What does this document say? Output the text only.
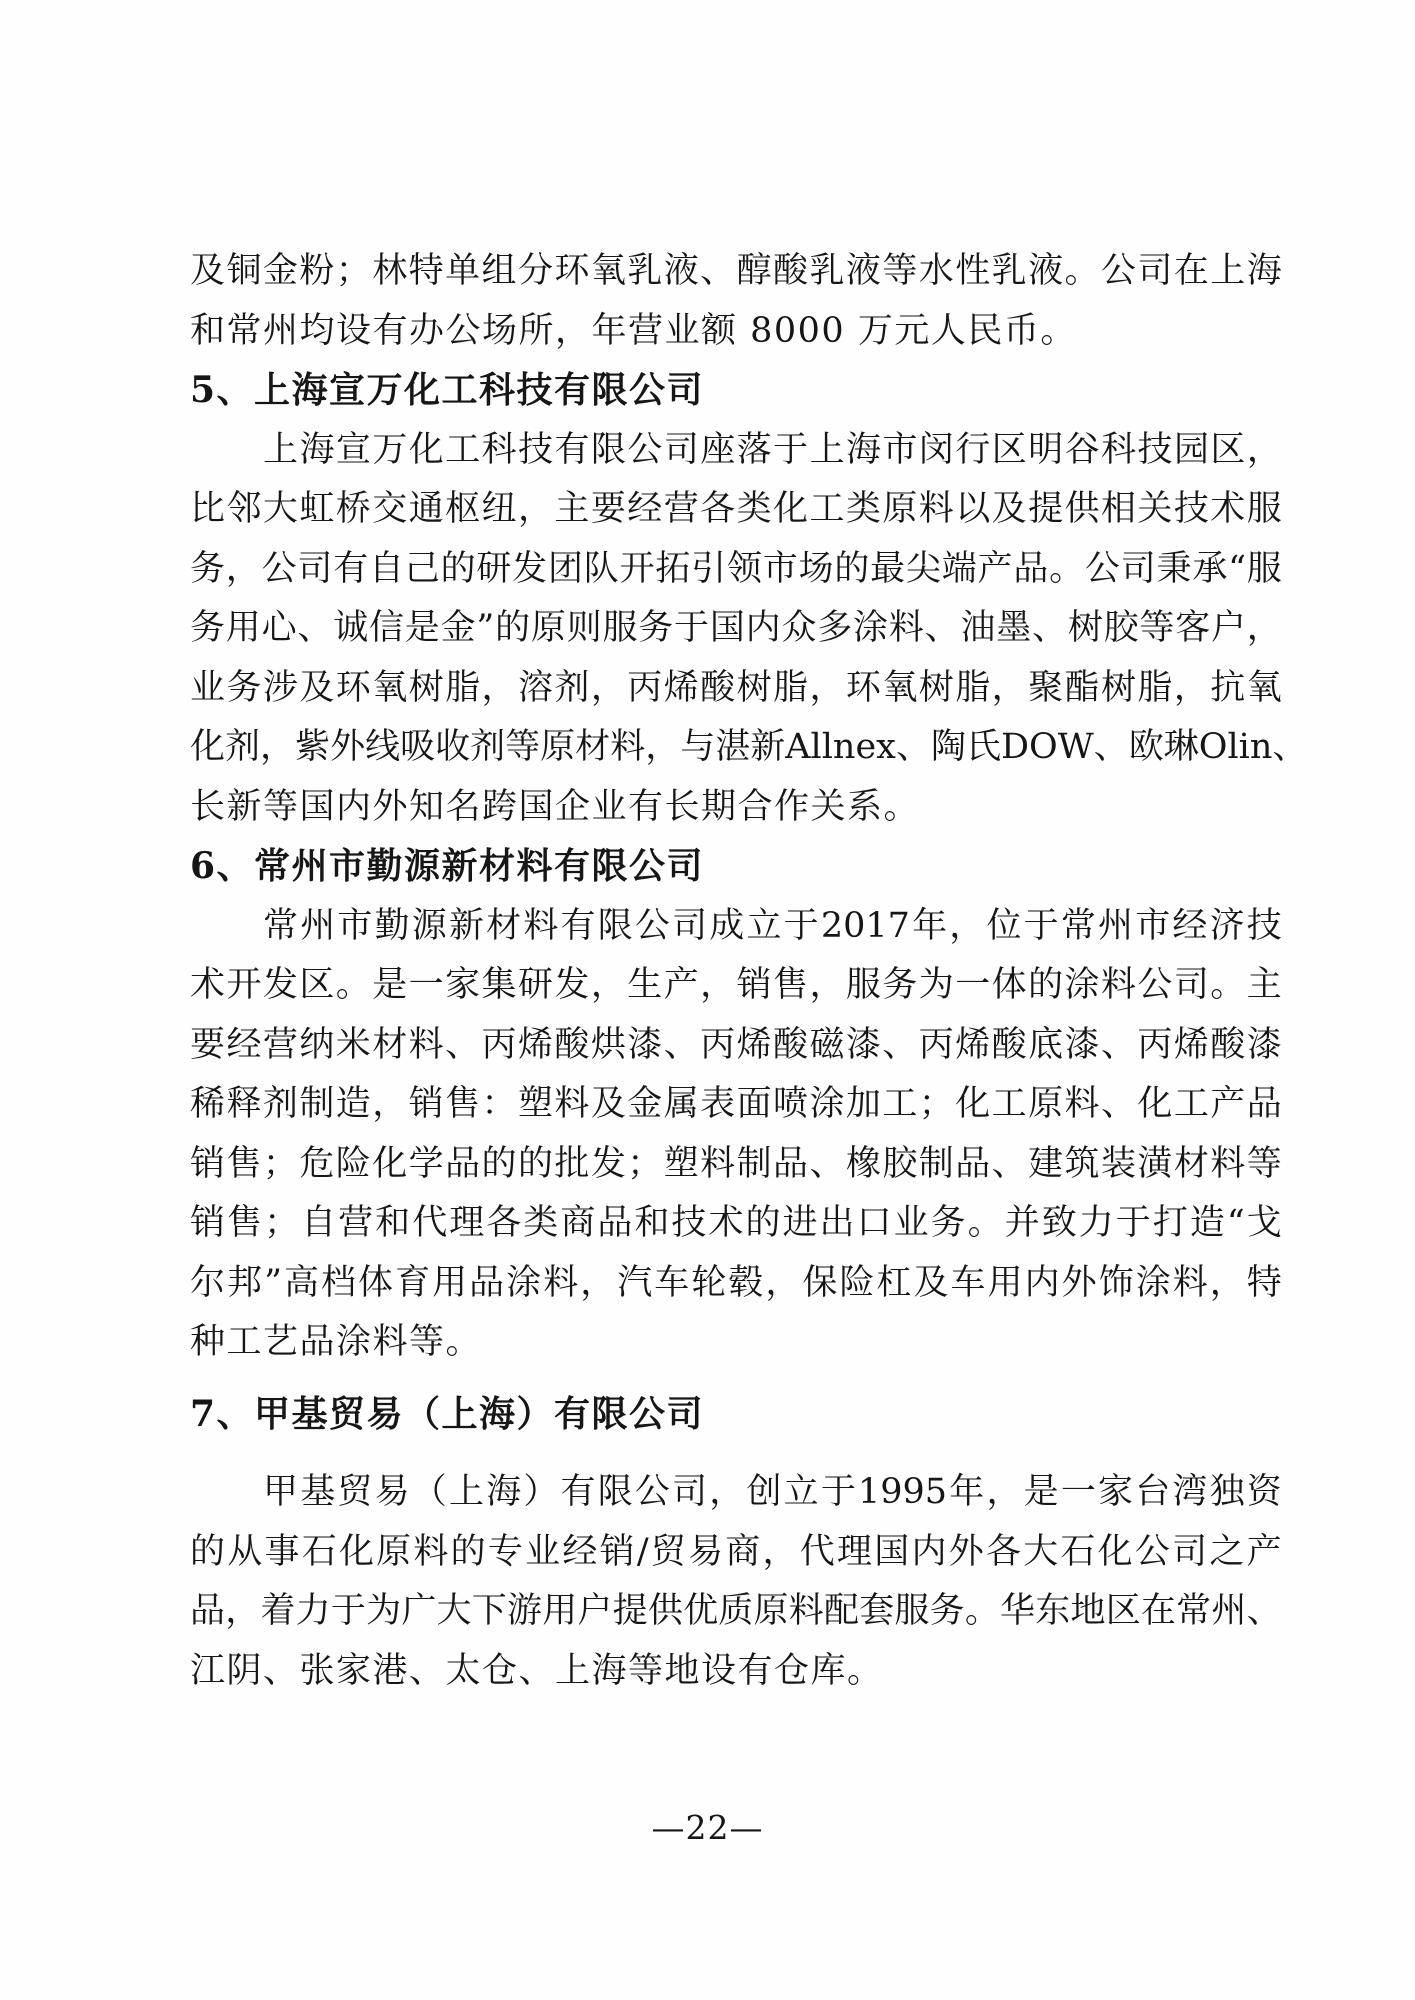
及 铜 金 粉 ； 林 特 单 组 分 环 氧 乳 液 、 醇 酸 乳 液 等 水 性 乳 液 。 公 司 在 上 海
和常州均设有办公场所，年营业额 8000 万元人民币。
5、上海宣万化工科技有限公司
上 海 宣 万 化 工 科 技 有 限 公 司 座 落 于 上 海 市 闵 行 区 明 谷 科 技 园 区 ，
比 邻 大 虹 桥 交 通 枢 纽 ， 主 要 经 营 各 类 化 工 类 原 料 以 及 提 供 相 关 技 术 服
务 ， 公 司 有 自 己 的 研 发 团 队 开 拓 引 领 市 场 的 最 尖 端 产 品 。 公 司 秉 承 “ 服
务 用 心 、 诚 信 是 金 ” 的 原 则 服 务 于 国 内 众 多 涂 料 、 油 墨 、 树 胶 等 客 户 ，
业 务 涉 及 环 氧 树 脂 ， 溶 剂 ， 丙 烯 酸 树 脂 ， 环 氧 树 脂 ， 聚 酯 树 脂 ， 抗 氧
化 剂 ， 紫 外 线 吸 收 剂 等 原 材 料 ， 与 湛 新 Allnex 、 陶 氏 DOW 、 欧 琳 Olin 、
长新等国内外知名跨国企业有长期合作关系。
6、常州市勤源新材料有限公司
常 州 市 勤 源 新 材 料 有 限 公 司 成 立 于 2017 年 ， 位 于 常 州 市 经 济 技
术 开 发 区 。 是 一 家 集 研 发 ， 生 产 ， 销 售 ， 服 务 为 一 体 的 涂 料 公 司 。 主
要 经 营 纳 米 材 料 、 丙 烯 酸 烘 漆 、 丙 烯 酸 磁 漆 、 丙 烯 酸 底 漆 、 丙 烯 酸 漆
稀 释 剂 制 造 ， 销 售 ： 塑 料 及 金 属 表 面 喷 涂 加 工 ； 化 工 原 料 、 化 工 产 品
销 售 ； 危 险 化 学 品 的 的 批 发 ； 塑 料 制 品 、 橡 胶 制 品 、 建 筑 装 潢 材 料 等
销 售 ； 自 营 和 代 理 各 类 商 品 和 技 术 的 进 出 口 业 务 。 并 致 力 于 打 造 “ 戈
尔 邦 ” 高 档 体 育 用 品 涂 料 ， 汽 车 轮 毂 ， 保 险 杠 及 车 用 内 外 饰 涂 料 ， 特
种工艺品涂料等。
7、甲基贸易（上海）有限公司
甲 基 贸 易 （ 上 海 ） 有 限 公 司 ， 创 立 于 1995 年 ， 是 一 家 台 湾 独 资
的 从 事 石 化 原 料 的 专 业 经 销 / 贸 易 商 ， 代 理 国 内 外 各 大 石 化 公 司 之 产
品 ， 着 力 于 为 广 大 下 游 用 户 提 供 优 质 原 料 配 套 服 务 。 华 东 地 区 在 常 州 、
江阴、张家港、太仓、上海等地设有仓库。
—22—
